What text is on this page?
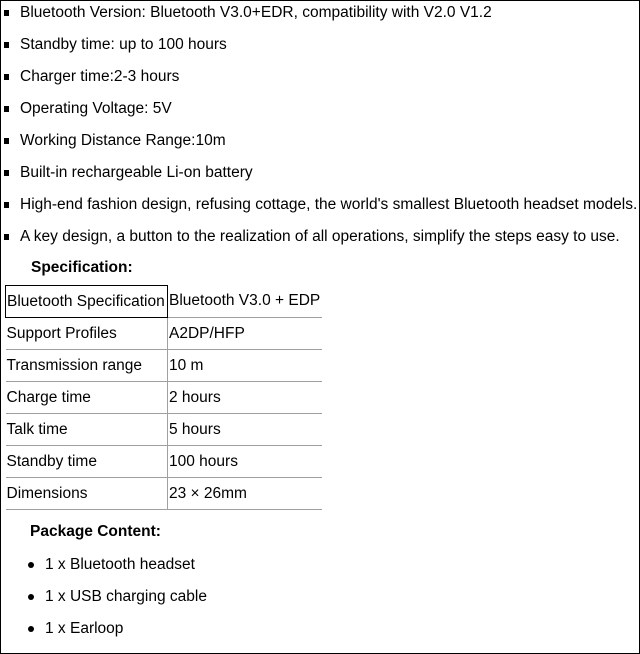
Bluetooth Version: Bluetooth V3.0+EDR, compatibility with V2.0 V1.2
Standby time: up to 100 hours
Charger time:2-3 hours
Operating Voltage: 5V
Working Distance Range:10m
Built-in rechargeable Li-on battery
High-end fashion design, refusing cottage, the world's smallest Bluetooth headset models.
A key design, a button to the realization of all operations, simplify the steps easy to use.
Specification:
Bluetooth Specification	Bluetooth V3.0 + EDP
Support Profiles	A2DP/HFP
Transmission range	10 m
Charge time	2 hours
Talk time	5 hours
Standby time	100 hours
Dimensions	23 × 26mm
Package Content:
1 x Bluetooth headset
1 x USB charging cable
1 x Earloop
